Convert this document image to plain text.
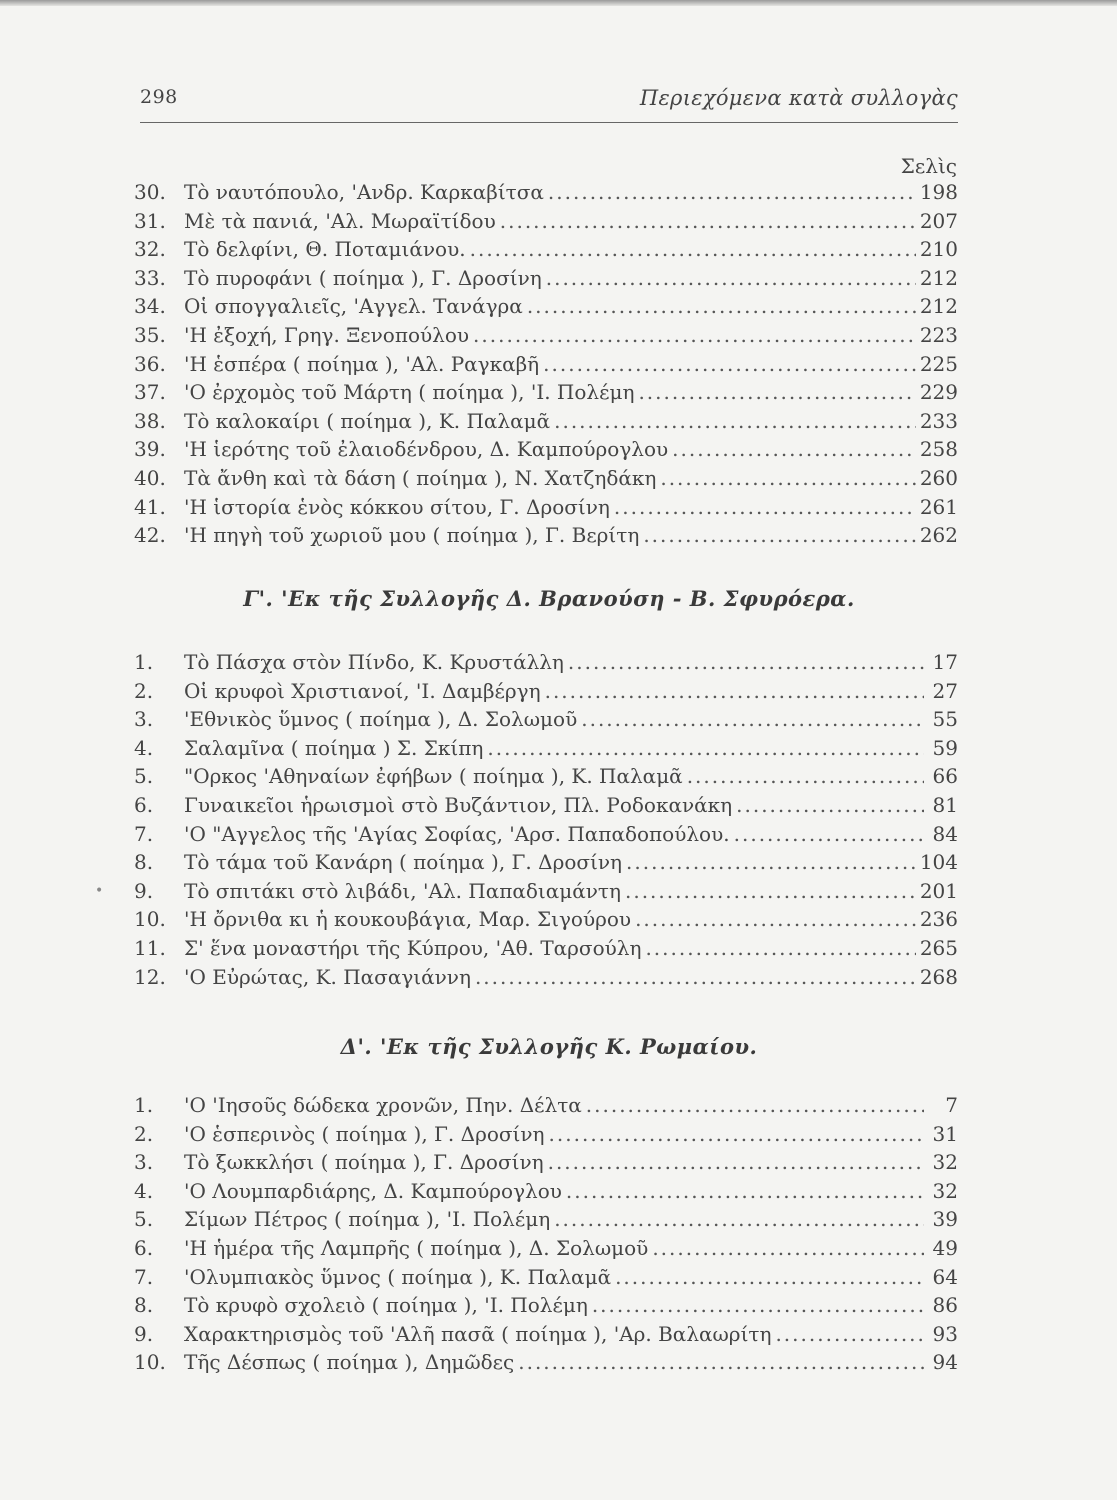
298	Περιεχόμενα κατὰ συλλογὰς
Σελὶς
30. Τὸ ναυτόπουλο, 'Ανδρ. Καρκαβίτσα .....	198
31. Μὲ τὰ πανιά, 'Αλ. Μωραϊτίδου .....	207
32. Τὸ δελφίνι, Θ. Ποταμιάνου. .....	210
33. Τὸ πυροφάνι ( ποίημα ), Γ. Δροσίνη .....	212
34. Οἱ σπογγαλιεῖς, 'Αγγελ. Τανάγρα .....	212
35. 'Η ἐξοχή, Γρηγ. Ξενοπούλου .....	223
36. 'Η ἑσπέρα ( ποίημα ), 'Αλ. Ραγκαβῆ .....	225
37. 'Ο ἐρχομὸς τοῦ Μάρτη ( ποίημα ), 'Ι. Πολέμη .....	229
38. Τὸ καλοκαίρι ( ποίημα ), Κ. Παλαμᾶ .....	233
39. 'Η ἱερότης τοῦ ἐλαιοδένδρου, Δ. Καμπούρογλου .....	258
40. Τὰ ἄνθη καὶ τὰ δάση ( ποίημα ), Ν. Χατζηδάκη .....	260
41. 'Η ἱστορία ἑνὸς κόκκου σίτου, Γ. Δροσίνη .....	261
42. 'Η πηγὴ τοῦ χωριοῦ μου ( ποίημα ), Γ. Βερίτη .....	262
Γ'. 'Εκ τῆς Συλλογῆς Δ. Βρανούση - Β. Σφυρόερα.
1.	Τὸ Πάσχα στὸν Πίνδο, Κ. Κρυστάλλη .....	17
2.	Οἱ κρυφοὶ Χριστιανοί, 'Ι. Δαμβέργη .....	27
3.	'Εθνικὸς ὕμνος ( ποίημα ), Δ. Σολωμοῦ .....	55
4.	Σαλαμῖνα ( ποίημα ) Σ. Σκίπη .....	59
5.	"Ορκος 'Αθηναίων ἐφήβων ( ποίημα ), Κ. Παλαμᾶ .....	66
6.	Γυναικεῖοι ἡρωισμοὶ στὸ Βυζάντιον, Πλ. Ροδοκανάκη .....	81
7.	'Ο "Αγγελος τῆς 'Αγίας Σοφίας, 'Αρσ. Παπαδοπούλου. .....	84
8.	Τὸ τάμα τοῦ Κανάρη ( ποίημα ), Γ. Δροσίνη .....	104
9.	Τὸ σπιτάκι στὸ λιβάδι, 'Αλ. Παπαδιαμάντη .....	201
10. 'Η ὄρνιθα κι ἡ κουκουβάγια, Μαρ. Σιγούρου .....	236
11. Σ' ἕνα μοναστήρι τῆς Κύπρου, 'Αθ. Ταρσούλη .....	265
12. 'Ο Εὐρώτας, Κ. Πασαγιάννη .....	268
Δ'. 'Εκ τῆς Συλλογῆς Κ. Ρωμαίου.
1.	'Ο 'Ιησοῦς δώδεκα χρονῶν, Πην. Δέλτα .....	7
2.	'Ο ἑσπερινὸς ( ποίημα ), Γ. Δροσίνη .....	31
3.	Τὸ ξωκκλήσι ( ποίημα ), Γ. Δροσίνη .....	32
4.	'Ο Λουμπαρδιάρης, Δ. Καμπούρογλου .....	32
5.	Σίμων Πέτρος ( ποίημα ), 'Ι. Πολέμη .....	39
6.	'Η ἡμέρα τῆς Λαμπρῆς ( ποίημα ), Δ. Σολωμοῦ .....	49
7.	'Ολυμπιακὸς ὕμνος ( ποίημα ), Κ. Παλαμᾶ .....	64
8.	Τὸ κρυφὸ σχολειὸ ( ποίημα ), 'Ι. Πολέμη .....	86
9.	Χαρακτηρισμὸς τοῦ 'Αλῆ πασᾶ ( ποίημα ), 'Αρ. Βαλαωρίτη .....	93
10. Τῆς Δέσπως ( ποίημα ), Δημῶδες .....	94
•
